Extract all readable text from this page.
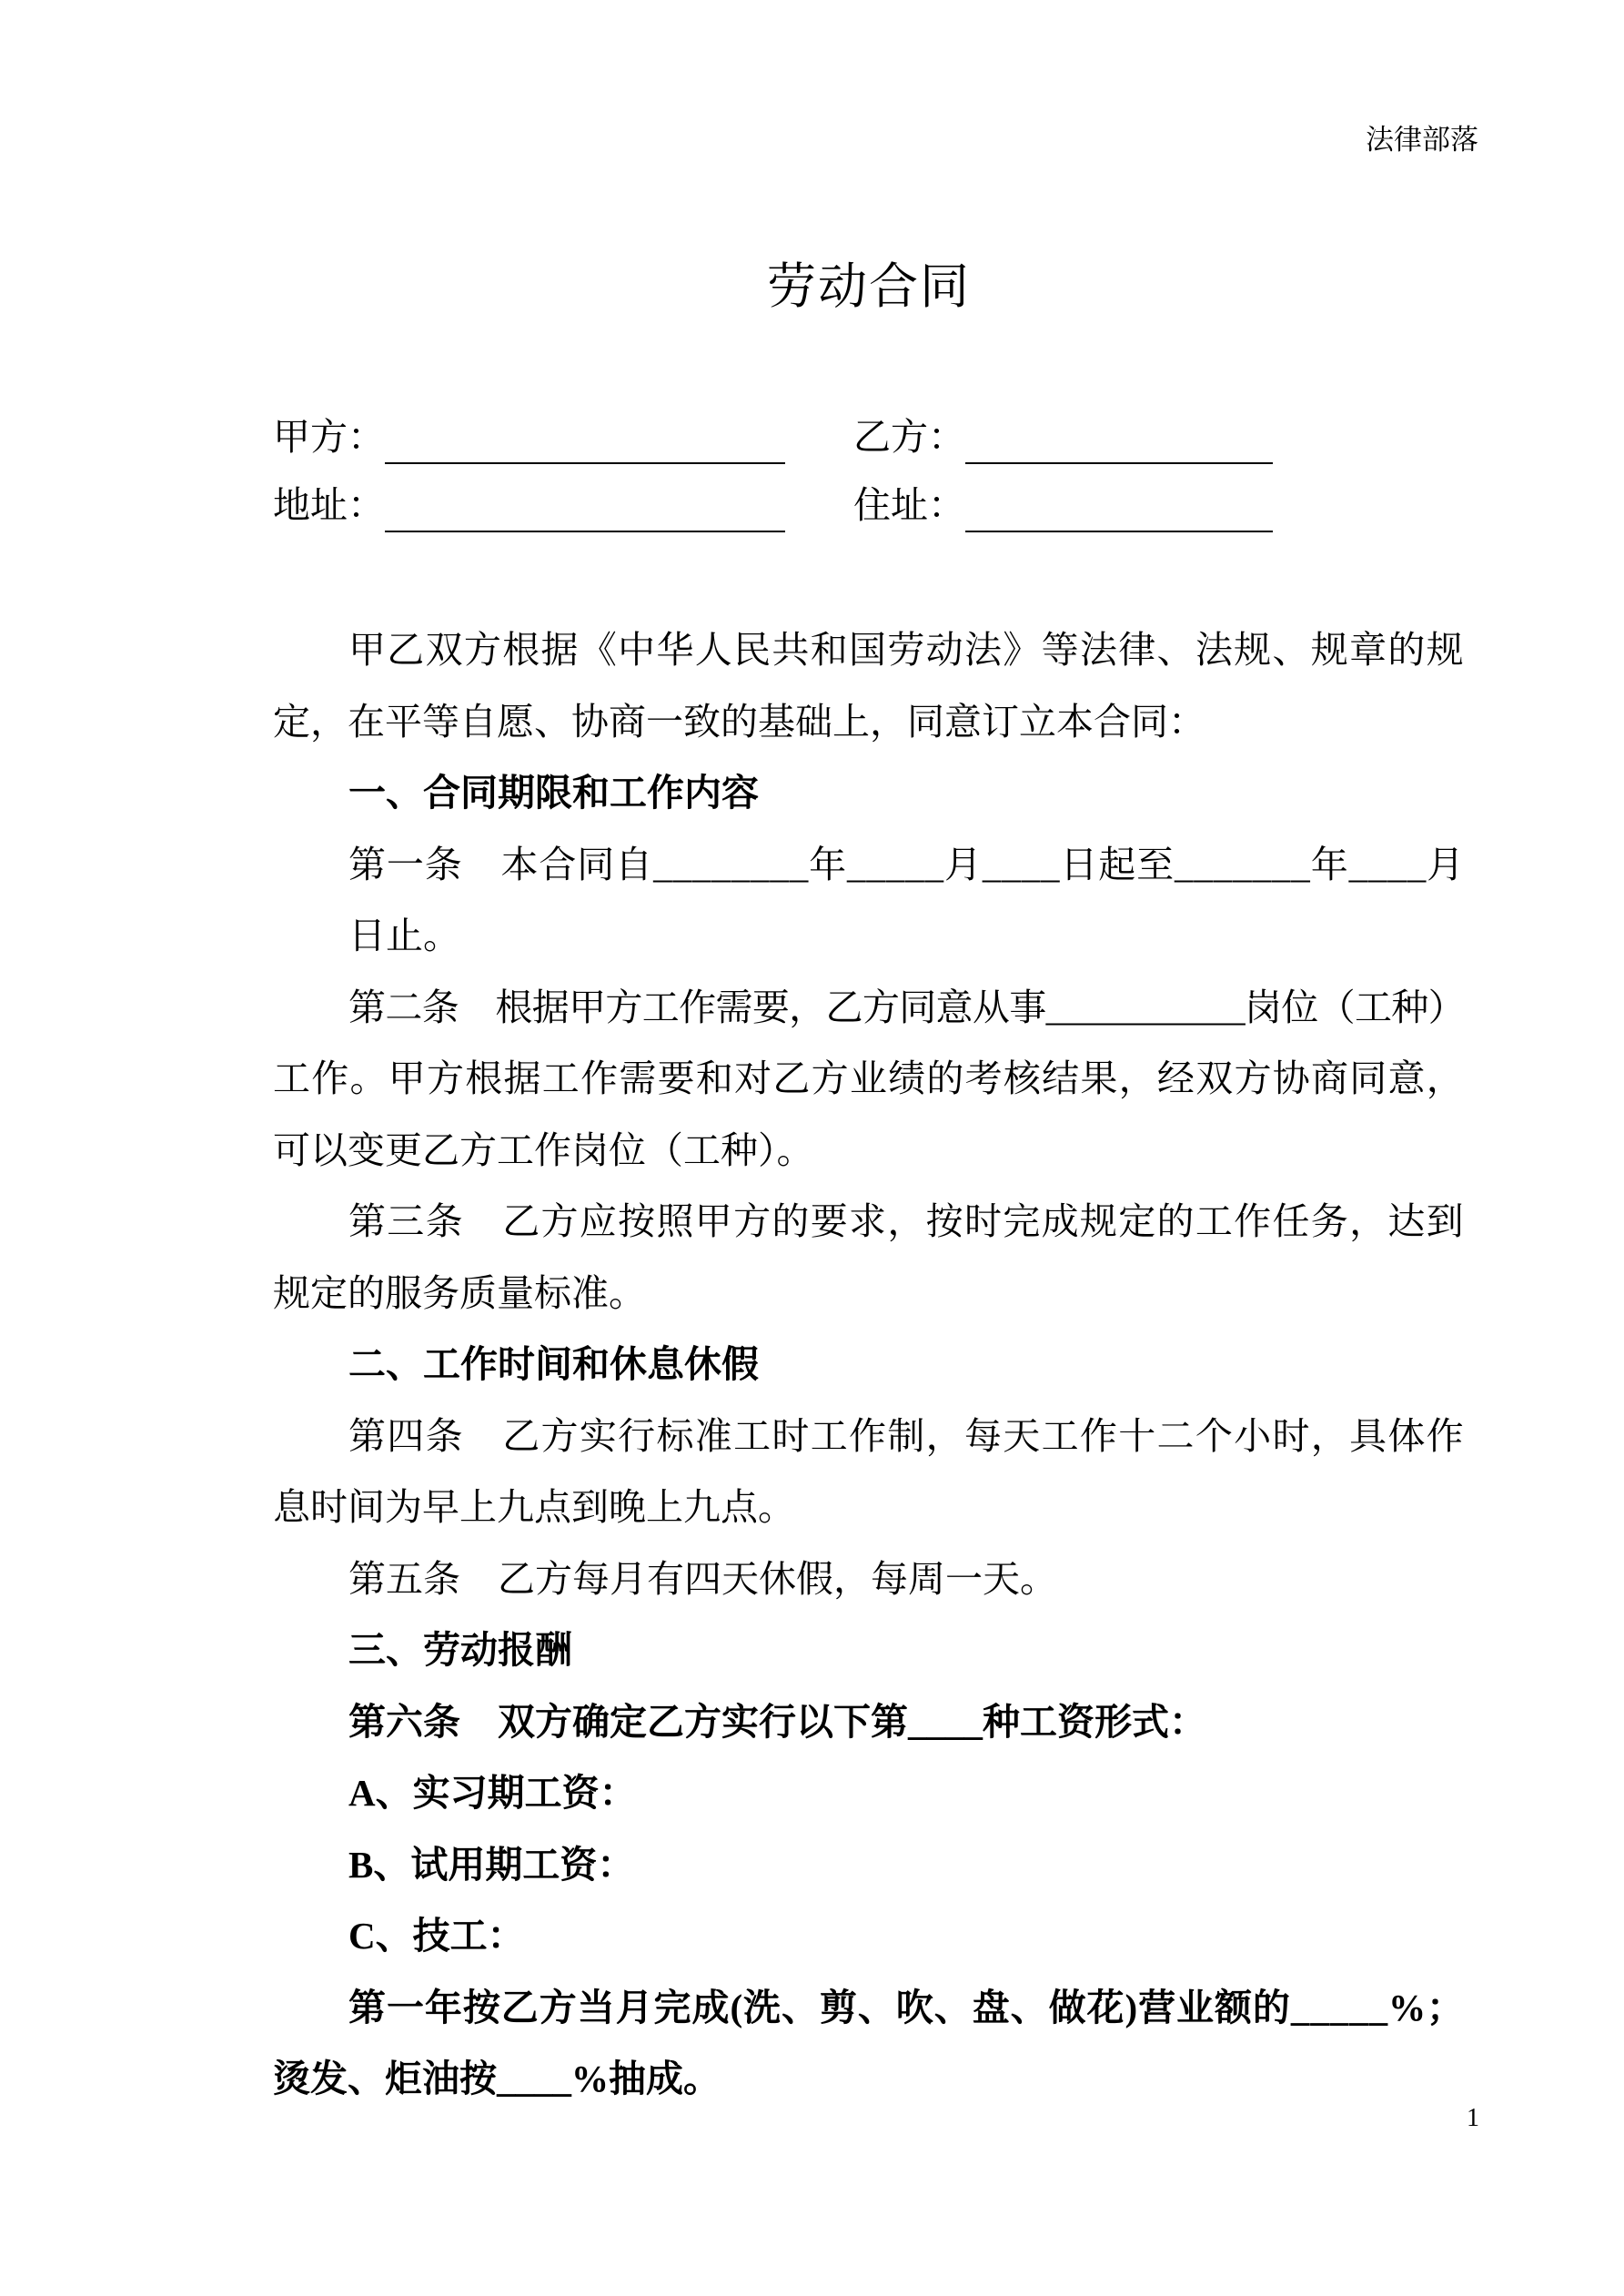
法律部落
劳动合同
甲方：	乙方：
地址：	住址：
甲乙双方根据《中华人民共和国劳动法》等法律、法规、规章的规
定，在平等自愿、协商一致的基础上，同意订立本合同：
一、合同期限和工作内容
第一条　本合同自________年_____月____日起至_______年____月
日止。
第二条　根据甲方工作需要，乙方同意从事___________岗位（工种）
工作。甲方根据工作需要和对乙方业绩的考核结果，经双方协商同意，
可以变更乙方工作岗位（工种）。
第三条　乙方应按照甲方的要求，按时完成规定的工作任务，达到
规定的服务质量标准。
二、工作时间和休息休假
第四条　乙方实行标准工时工作制，每天工作十二个小时，具体作
息时间为早上九点到晚上九点。
第五条　乙方每月有四天休假，每周一天。
三、劳动报酬
第六条　双方确定乙方实行以下第____种工资形式：
A、实习期工资：
B、试用期工资：
C、技工：
第一年按乙方当月完成(洗、剪、吹、盘、做花)营业额的_____%；
烫发、炬油按____%抽成。
1
